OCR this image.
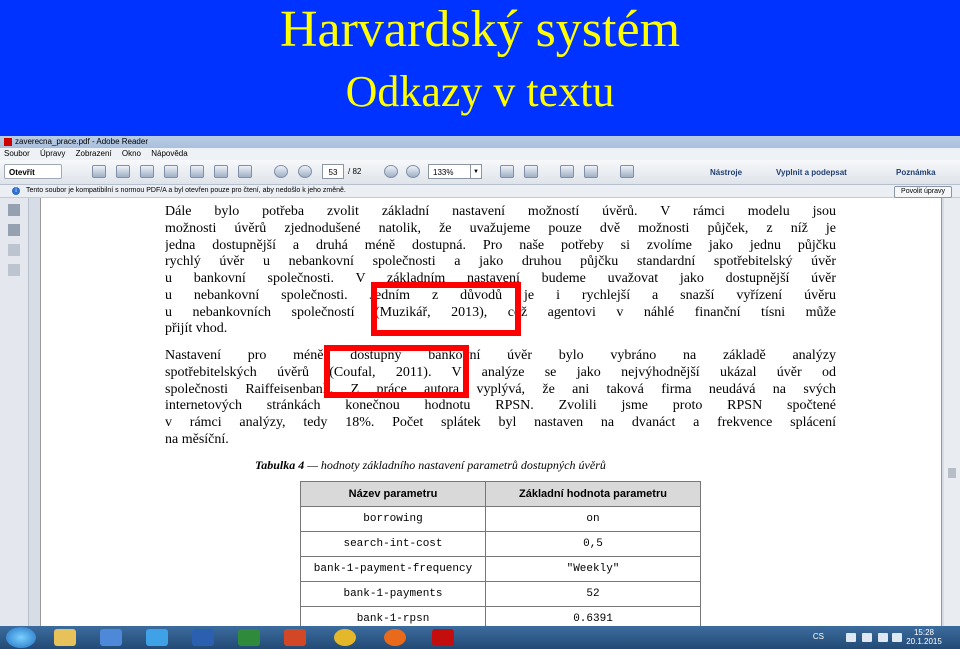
Harvardský systém
Odkazy v textu
zaverecna_prace.pdf - Adobe Reader
Soubor Úpravy Zobrazení Okno Nápověda
Otevřít	53	/ 82	133%	▼	Nástroje	Vyplnit a podepsat	Poznámka
i Tento soubor je kompatibilní s normou PDF/A a byl otevřen pouze pro čtení, aby nedošlo k jeho změně.	Povolit úpravy
Dále bylo potřeba zvolit základní nastavení možností úvěrů. V rámci modelu jsou
možnosti úvěrů zjednodušené natolik, že uvažujeme pouze dvě možnosti půjček, z níž je
jedna dostupnější a druhá méně dostupná. Pro naše potřeby si zvolíme jako jednu půjčku
rychlý úvěr u nebankovní společnosti a jako druhou půjčku standardní spotřebitelský úvěr
u bankovní společnosti. V základním nastavení budeme uvažovat jako dostupnější úvěr
u nebankovní společnosti. Jedním z důvodů je i rychlejší a snazší vyřízení úvěru
u nebankovních společností (Muzikář, 2013), což agentovi v náhlé finanční tísni může
přijít vhod.
Nastavení pro méně dostupný bankovní úvěr bylo vybráno na základě analýzy
spotřebitelských úvěrů (Coufal, 2011). V analýze se jako nejvýhodnější ukázal úvěr od
společnosti Raiffeisenbank. Z práce autora vyplývá, že ani taková firma neudává na svých
internetových stránkách konečnou hodnotu RPSN. Zvolili jsme proto RPSN spočtené
v rámci analýzy, tedy 18%. Počet splátek byl nastaven na dvanáct a frekvence splácení
na měsíční.
Tabulka 4 — hodnoty základního nastavení parametrů dostupných úvěrů
Název parametru	Základní hodnota parametru
borrowing	on
search-int-cost	0,5
bank-1-payment-frequency	"Weekly"
bank-1-payments	52
bank-1-rpsn	0.6391
CS	15:28
20.1.2015
